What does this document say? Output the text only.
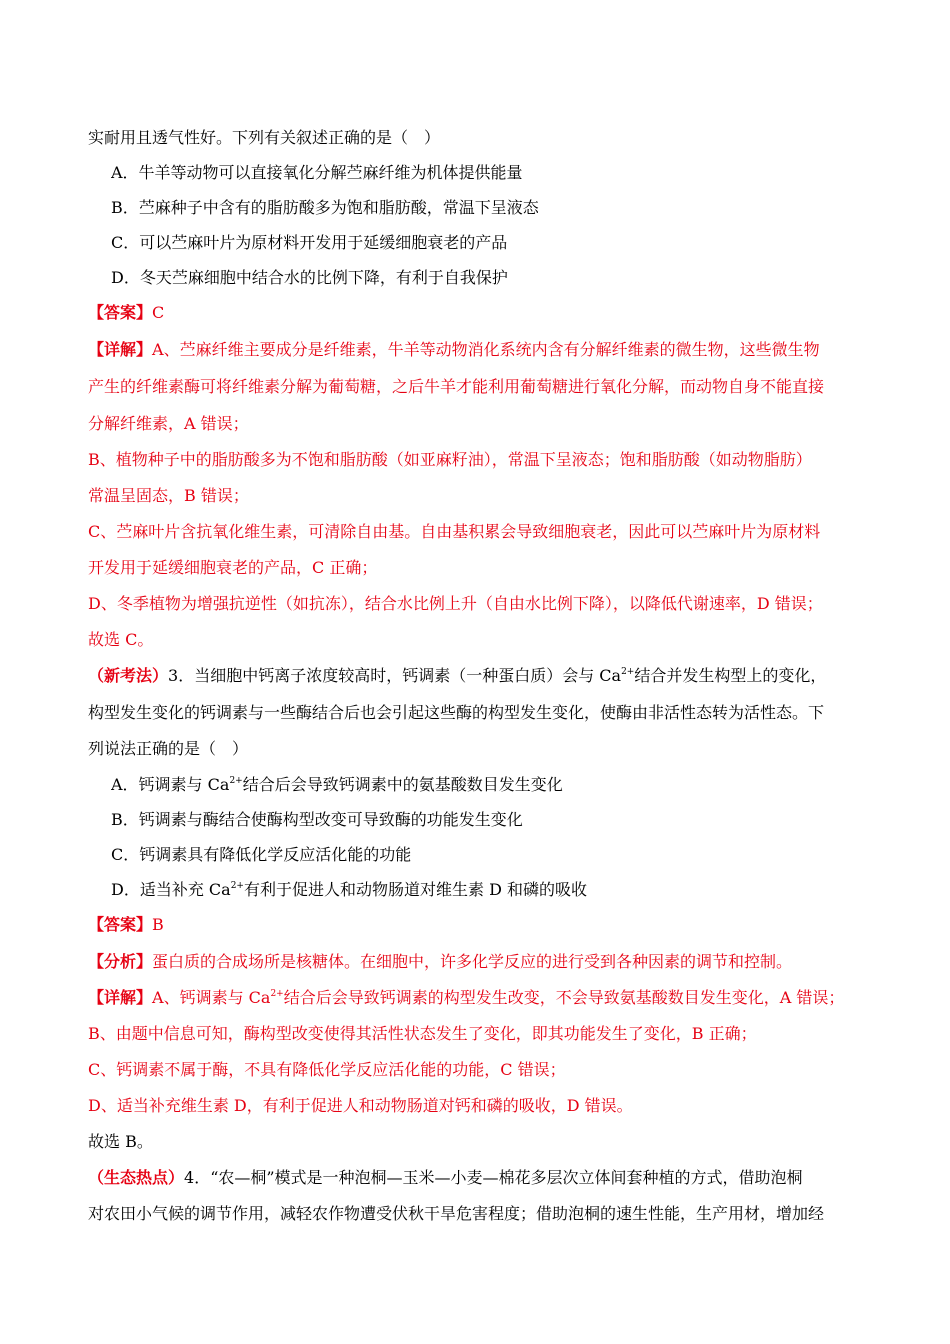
实耐用且透气性好。下列有关叙述正确的是（　）
A．牛羊等动物可以直接氧化分解苎麻纤维为机体提供能量
B．苎麻种子中含有的脂肪酸多为饱和脂肪酸，常温下呈液态
C．可以苎麻叶片为原材料开发用于延缓细胞衰老的产品
D．冬天苎麻细胞中结合水的比例下降，有利于自我保护
【答案】C
【详解】A、苎麻纤维主要成分是纤维素，牛羊等动物消化系统内含有分解纤维素的微生物，这些微生物
产生的纤维素酶可将纤维素分解为葡萄糖，之后牛羊才能利用葡萄糖进行氧化分解，而动物自身不能直接
分解纤维素，A 错误；
B、植物种子中的脂肪酸多为不饱和脂肪酸（如亚麻籽油），常温下呈液态；饱和脂肪酸（如动物脂肪）
常温呈固态，B 错误；
C、苎麻叶片含抗氧化维生素，可清除自由基。自由基积累会导致细胞衰老，因此可以苎麻叶片为原材料
开发用于延缓细胞衰老的产品，C 正确；
D、冬季植物为增强抗逆性（如抗冻），结合水比例上升（自由水比例下降），以降低代谢速率，D 错误；
故选 C。
（新考法）3．当细胞中钙离子浓度较高时，钙调素（一种蛋白质）会与 $Ca^{2+}$结合并发生构型上的变化，
构型发生变化的钙调素与一些酶结合后也会引起这些酶的构型发生变化，使酶由非活性态转为活性态。下
列说法正确的是（　）
A．钙调素与 $Ca^{2+}$结合后会导致钙调素中的氨基酸数目发生变化
B．钙调素与酶结合使酶构型改变可导致酶的功能发生变化
C．钙调素具有降低化学反应活化能的功能
D．适当补充 $Ca^{2+}$有利于促进人和动物肠道对维生素 D 和磷的吸收
【答案】B
【分析】蛋白质的合成场所是核糖体。在细胞中，许多化学反应的进行受到各种因素的调节和控制。
【详解】A、钙调素与 $Ca^{2+}$结合后会导致钙调素的构型发生改变，不会导致氨基酸数目发生变化，A 错误；
B、由题中信息可知，酶构型改变使得其活性状态发生了变化，即其功能发生了变化，B 正确；
C、钙调素不属于酶，不具有降低化学反应活化能的功能，C 错误；
D、适当补充维生素 D，有利于促进人和动物肠道对钙和磷的吸收，D 错误。
故选 B。
（生态热点）4．“农—桐”模式是一种泡桐—玉米—小麦—棉花多层次立体间套种植的方式，借助泡桐
对农田小气候的调节作用，减轻农作物遭受伏秋干旱危害程度；借助泡桐的速生性能，生产用材，增加经
